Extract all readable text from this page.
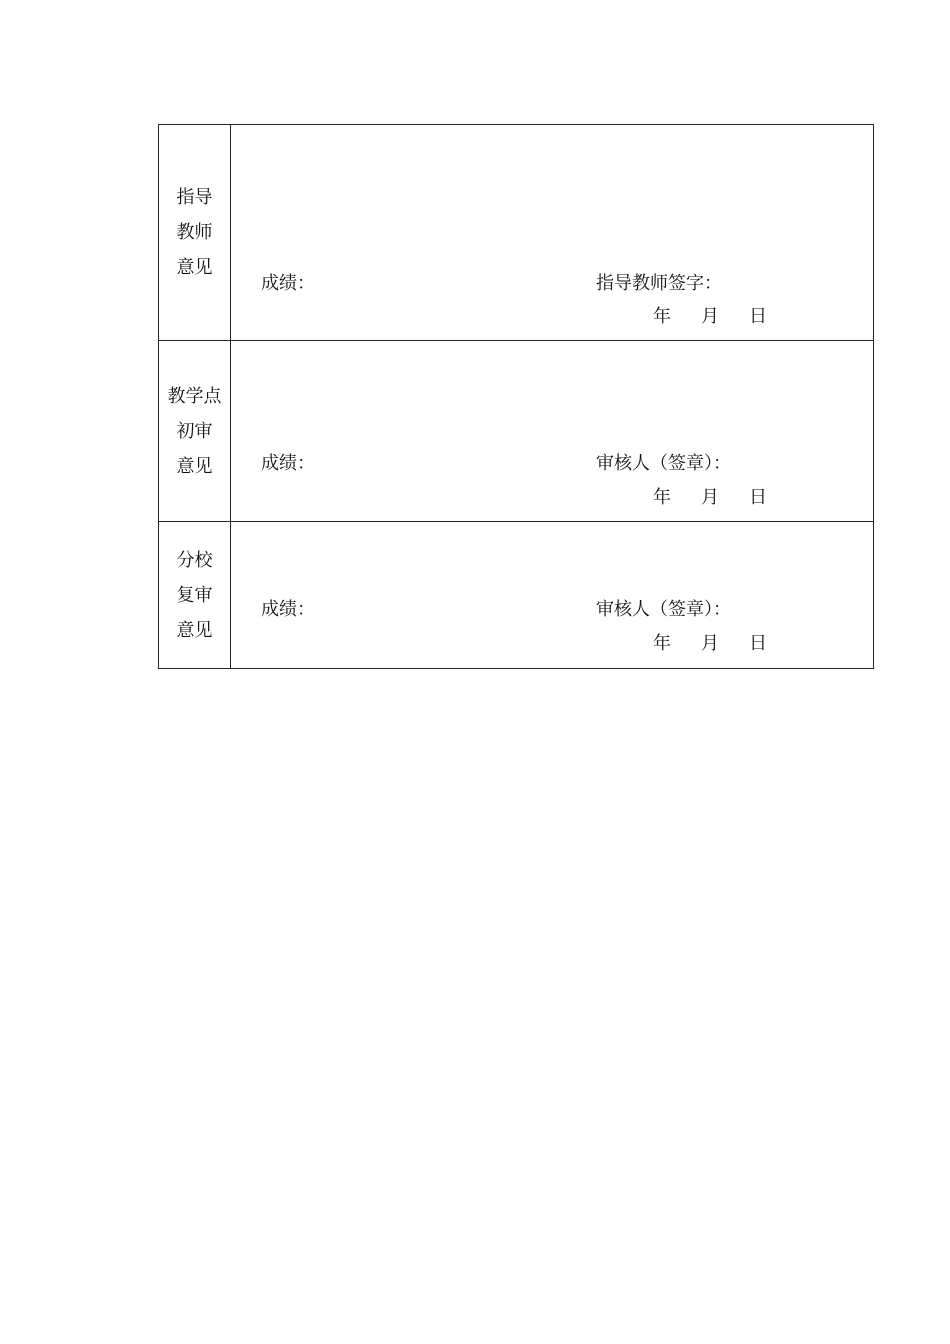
指导
教师
意见
成绩：	指导教师签字：
年 月 日
教学点
初审
意见	成绩：	审核人（签章）：
年 月 日
分校
复审
意见
成绩：	审核人（签章）：
年 月 日
